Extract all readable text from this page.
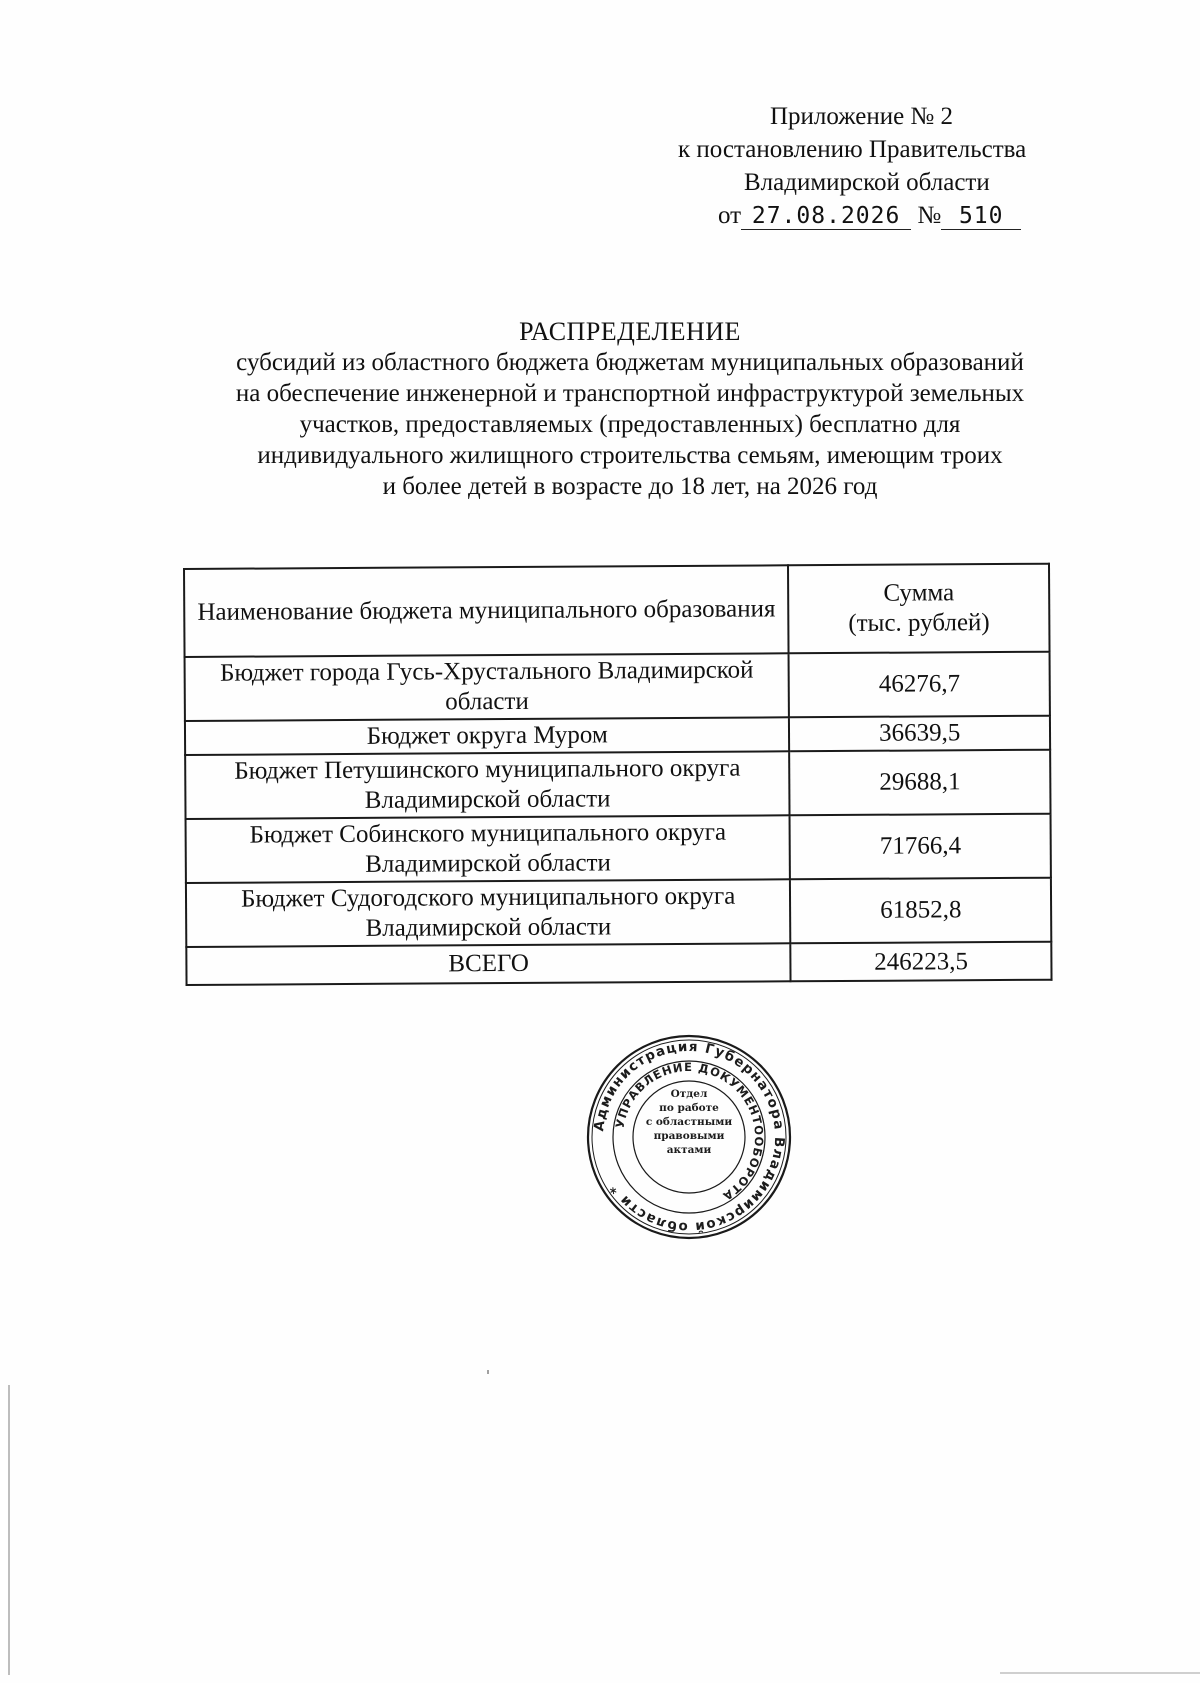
Приложение № 2
к постановлению Правительства
Владимирской области
от 27.08.2026 № 510
РАСПРЕДЕЛЕНИЕ
субсидий из областного бюджета бюджетам муниципальных образований
на обеспечение инженерной и транспортной инфраструктурой земельных
участков, предоставляемых (предоставленных) бесплатно для
индивидуального жилищного строительства семьям, имеющим троих
и более детей в возрасте до 18 лет, на 2026 год
Наименование бюджета муниципального образования	Сумма
(тыс. рублей)

Бюджет города Гусь-Хрустального Владимирской области	46276,7
Бюджет округа Муром	36639,5
Бюджет Петушинского муниципального округа Владимирской области	29688,1
Бюджет Собинского муниципального округа Владимирской области	71766,4
Бюджет Судогодского муниципального округа Владимирской области	61852,8
ВСЕГО	246223,5
Администрация Губернатора Владимирской области *
УПРАВЛЕНИЕ ДОКУМЕНТООБОРОТА
Отдел
по работе
с областными
правовыми
актами
